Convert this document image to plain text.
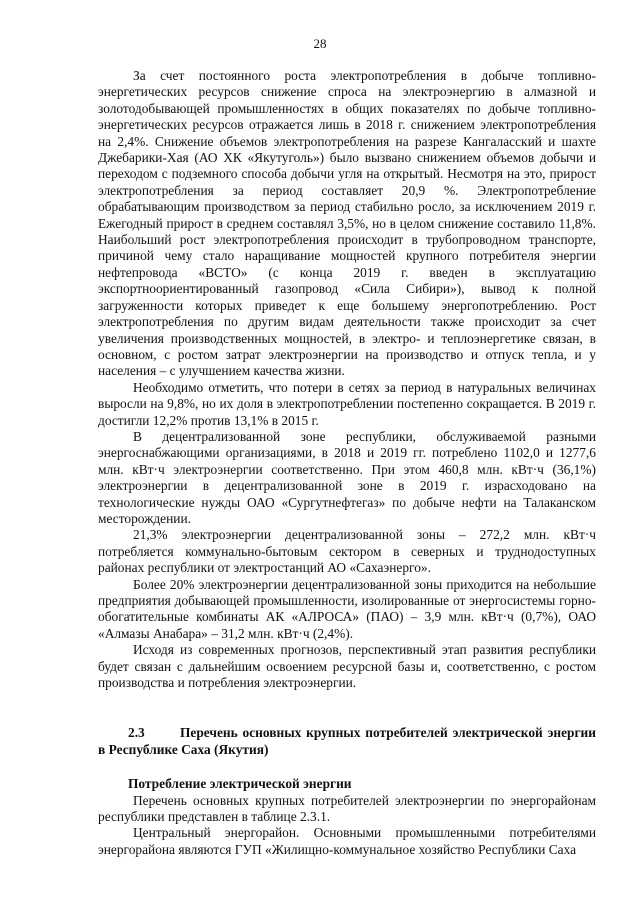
28

За счет постоянного роста электропотребления в добыче топливно-энергетических ресурсов снижение спроса на электроэнергию в алмазной и золотодобывающей промышленностях в общих показателях по добыче топливно-энергетических ресурсов отражается лишь в 2018 г. снижением электропотребления на 2,4%. Снижение объемов электропотребления на разрезе Кангаласский и шахте Джебарики-Хая (АО ХК «Якутуголь») было вызвано снижением объемов добычи и переходом с подземного способа добычи угля на открытый. Несмотря на это, прирост электропотребления за период составляет 20,9 %. Электропотребление обрабатывающим производством за период стабильно росло, за исключением 2019 г. Ежегодный прирост в среднем составлял 3,5%, но в целом снижение составило 11,8%. Наибольший рост электропотребления происходит в трубопроводном транспорте, причиной чему стало наращивание мощностей крупного потребителя энергии нефтепровода «ВСТО» (с конца 2019 г. введен в эксплуатацию экспортноориентированный газопровод «Сила Сибири»), вывод к полной загруженности которых приведет к еще большему энергопотреблению. Рост электропотребления по другим видам деятельности также происходит за счет увеличения производственных мощностей, в электро- и теплоэнергетике связан, в основном, с ростом затрат электроэнергии на производство и отпуск тепла, и у населения – с улучшением качества жизни.

Необходимо отметить, что потери в сетях за период в натуральных величинах выросли на 9,8%, но их доля в электропотреблении постепенно сокращается. В 2019 г. достигли 12,2% против 13,1% в 2015 г.

В децентрализованной зоне республики, обслуживаемой разными энергоснабжающими организациями, в 2018 и 2019 гг. потреблено 1102,0 и 1277,6 млн. кВт·ч электроэнергии соответственно. При этом 460,8 млн. кВт·ч (36,1%) электроэнергии в децентрализованной зоне в 2019 г. израсходовано на технологические нужды ОАО «Сургутнефтегаз» по добыче нефти на Талаканском месторождении.

21,3% электроэнергии децентрализованной зоны – 272,2 млн. кВт·ч потребляется коммунально-бытовым сектором в северных и труднодоступных районах республики от электростанций АО «Сахаэнерго».

Более 20% электроэнергии децентрализованной зоны приходится на небольшие предприятия добывающей промышленности, изолированные от энергосистемы горно-обогатительные комбинаты АК «АЛРОСА» (ПАО) – 3,9 млн. кВт·ч (0,7%), ОАО «Алмазы Анабара» – 31,2 млн. кВт·ч (2,4%).

Исходя из современных прогнозов, перспективный этап развития республики будет связан с дальнейшим освоением ресурсной базы и, соответственно, с ростом производства и потребления электроэнергии.

2.3	Перечень основных крупных потребителей электрической энергии в Республике Саха (Якутия)

Потребление электрической энергии

Перечень основных крупных потребителей электроэнергии по энергорайонам республики представлен в таблице 2.3.1.

Центральный энергорайон. Основными промышленными потребителями энергорайона являются ГУП «Жилищно-коммунальное хозяйство Республики Саха
